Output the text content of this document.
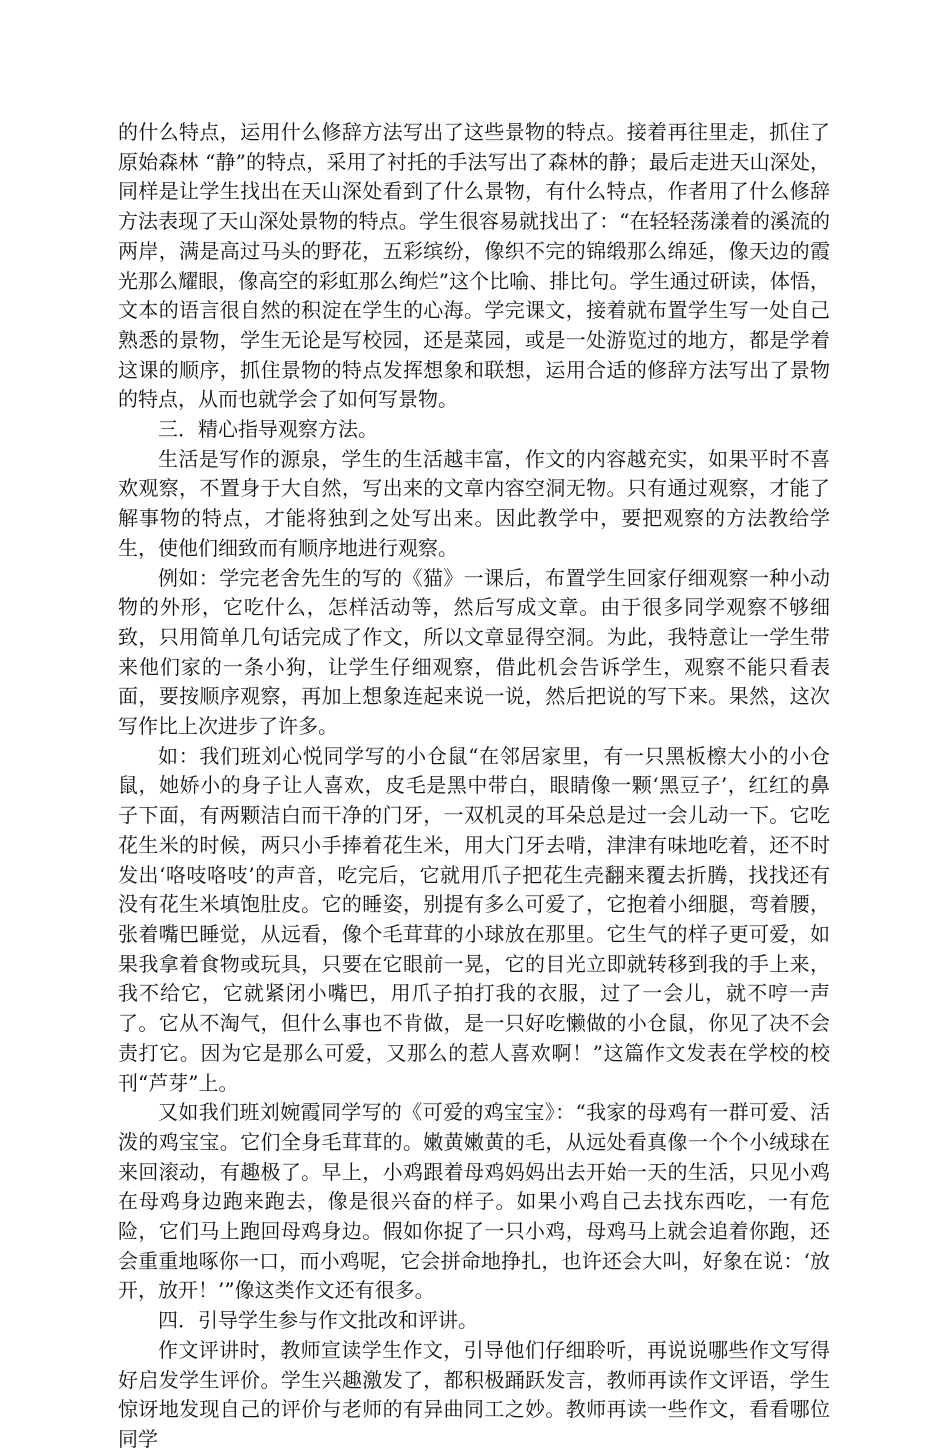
的什么特点，运用什么修辞方法写出了这些景物的特点。接着再往里走，抓住了原始森林 “静”的特点，采用了衬托的手法写出了森林的静；最后走进天山深处，同样是让学生找出在天山深处看到了什么景物，有什么特点，作者用了什么修辞方法表现了天山深处景物的特点。学生很容易就找出了：“在轻轻荡漾着的溪流的两岸，满是高过马头的野花，五彩缤纷，像织不完的锦缎那么绵延，像天边的霞光那么耀眼，像高空的彩虹那么绚烂”这个比喻、排比句。学生通过研读，体悟，文本的语言很自然的积淀在学生的心海。学完课文，接着就布置学生写一处自己熟悉的景物，学生无论是写校园，还是菜园，或是一处游览过的地方，都是学着这课的顺序，抓住景物的特点发挥想象和联想，运用合适的修辞方法写出了景物的特点，从而也就学会了如何写景物。

三．精心指导观察方法。

生活是写作的源泉，学生的生活越丰富，作文的内容越充实，如果平时不喜欢观察，不置身于大自然，写出来的文章内容空洞无物。只有通过观察，才能了解事物的特点，才能将独到之处写出来。因此教学中，要把观察的方法教给学生，使他们细致而有顺序地进行观察。

例如：学完老舍先生的写的《猫》一课后，布置学生回家仔细观察一种小动物的外形，它吃什么，怎样活动等，然后写成文章。由于很多同学观察不够细致，只用简单几句话完成了作文，所以文章显得空洞。为此，我特意让一学生带来他们家的一条小狗，让学生仔细观察，借此机会告诉学生，观察不能只看表面，要按顺序观察，再加上想象连起来说一说，然后把说的写下来。果然，这次写作比上次进步了许多。

如：我们班刘心悦同学写的小仓鼠“在邻居家里，有一只黑板檫大小的小仓鼠，她娇小的身子让人喜欢，皮毛是黑中带白，眼睛像一颗‘黑豆子’，红红的鼻子下面，有两颗洁白而干净的门牙，一双机灵的耳朵总是过一会儿动一下。它吃花生米的时候，两只小手捧着花生米，用大门牙去啃，津津有味地吃着，还不时发出‘咯吱咯吱’的声音，吃完后，它就用爪子把花生壳翻来覆去折腾，找找还有没有花生米填饱肚皮。它的睡姿，别提有多么可爱了，它抱着小细腿，弯着腰，张着嘴巴睡觉，从远看，像个毛茸茸的小球放在那里。它生气的样子更可爱，如果我拿着食物或玩具，只要在它眼前一晃，它的目光立即就转移到我的手上来，我不给它，它就紧闭小嘴巴，用爪子拍打我的衣服，过了一会儿，就不哼一声了。它从不淘气，但什么事也不肯做，是一只好吃懒做的小仓鼠，你见了决不会责打它。因为它是那么可爱，又那么的惹人喜欢啊！”这篇作文发表在学校的校刊“芦芽”上。

又如我们班刘婉霞同学写的《可爱的鸡宝宝》：“我家的母鸡有一群可爱、活泼的鸡宝宝。它们全身毛茸茸的。嫩黄嫩黄的毛，从远处看真像一个个小绒球在来回滚动，有趣极了。早上，小鸡跟着母鸡妈妈出去开始一天的生活，只见小鸡在母鸡身边跑来跑去，像是很兴奋的样子。如果小鸡自己去找东西吃，一有危险，它们马上跑回母鸡身边。假如你捉了一只小鸡，母鸡马上就会追着你跑，还会重重地啄你一口，而小鸡呢，它会拼命地挣扎，也许还会大叫，好象在说：‘放开，放开！’”像这类作文还有很多。

四．引导学生参与作文批改和评讲。

作文评讲时，教师宣读学生作文，引导他们仔细聆听，再说说哪些作文写得好启发学生评价。学生兴趣激发了，都积极踊跃发言，教师再读作文评语，学生惊讶地发现自己的评价与老师的有异曲同工之妙。教师再读一些作文，看看哪位同学
